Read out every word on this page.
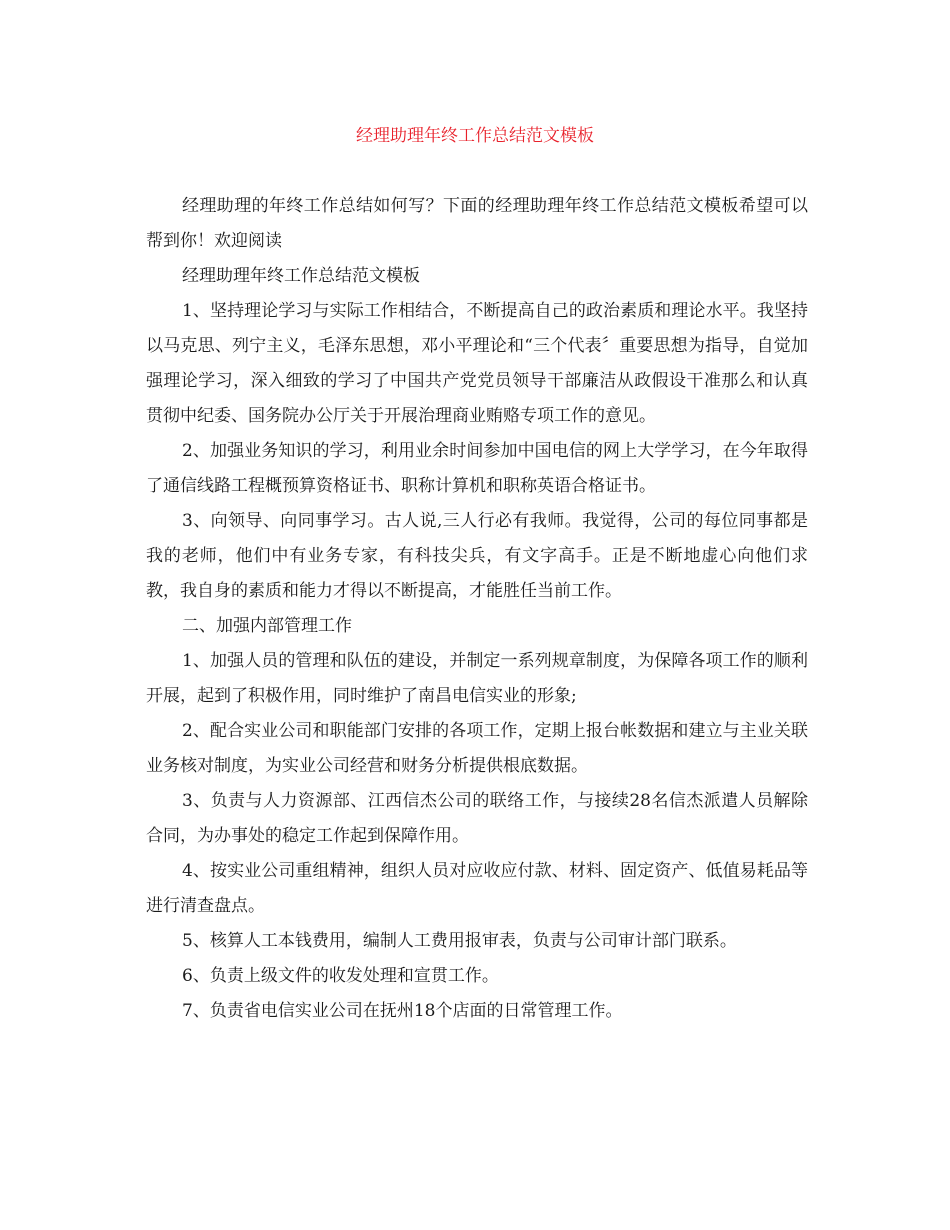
经理助理年终工作总结范文模板

经理助理的年终工作总结如何写？下面的经理助理年终工作总结范文模板希望可以帮到你！欢迎阅读

经理助理年终工作总结范文模板

1、坚持理论学习与实际工作相结合，不断提高自己的政治素质和理论水平。我坚持以马克思、列宁主义，毛泽东思想，邓小平理论和“三个代表〞重要思想为指导，自觉加强理论学习，深入细致的学习了中国共产党党员领导干部廉洁从政假设干准那么和认真贯彻中纪委、国务院办公厅关于开展治理商业贿赂专项工作的意见。

2、加强业务知识的学习，利用业余时间参加中国电信的网上大学学习，在今年取得了通信线路工程概预算资格证书、职称计算机和职称英语合格证书。

3、向领导、向同事学习。古人说,三人行必有我师。我觉得，公司的每位同事都是我的老师，他们中有业务专家，有科技尖兵，有文字高手。正是不断地虚心向他们求教，我自身的素质和能力才得以不断提高，才能胜任当前工作。

二、加强内部管理工作

1、加强人员的管理和队伍的建设，并制定一系列规章制度，为保障各项工作的顺利开展，起到了积极作用，同时维护了南昌电信实业的形象;

2、配合实业公司和职能部门安排的各项工作，定期上报台帐数据和建立与主业关联业务核对制度，为实业公司经营和财务分析提供根底数据。

3、负责与人力资源部、江西信杰公司的联络工作，与接续28名信杰派遣人员解除合同，为办事处的稳定工作起到保障作用。

4、按实业公司重组精神，组织人员对应收应付款、材料、固定资产、低值易耗品等进行清查盘点。

5、核算人工本钱费用，编制人工费用报审表，负责与公司审计部门联系。

6、负责上级文件的收发处理和宣贯工作。

7、负责省电信实业公司在抚州18个店面的日常管理工作。
